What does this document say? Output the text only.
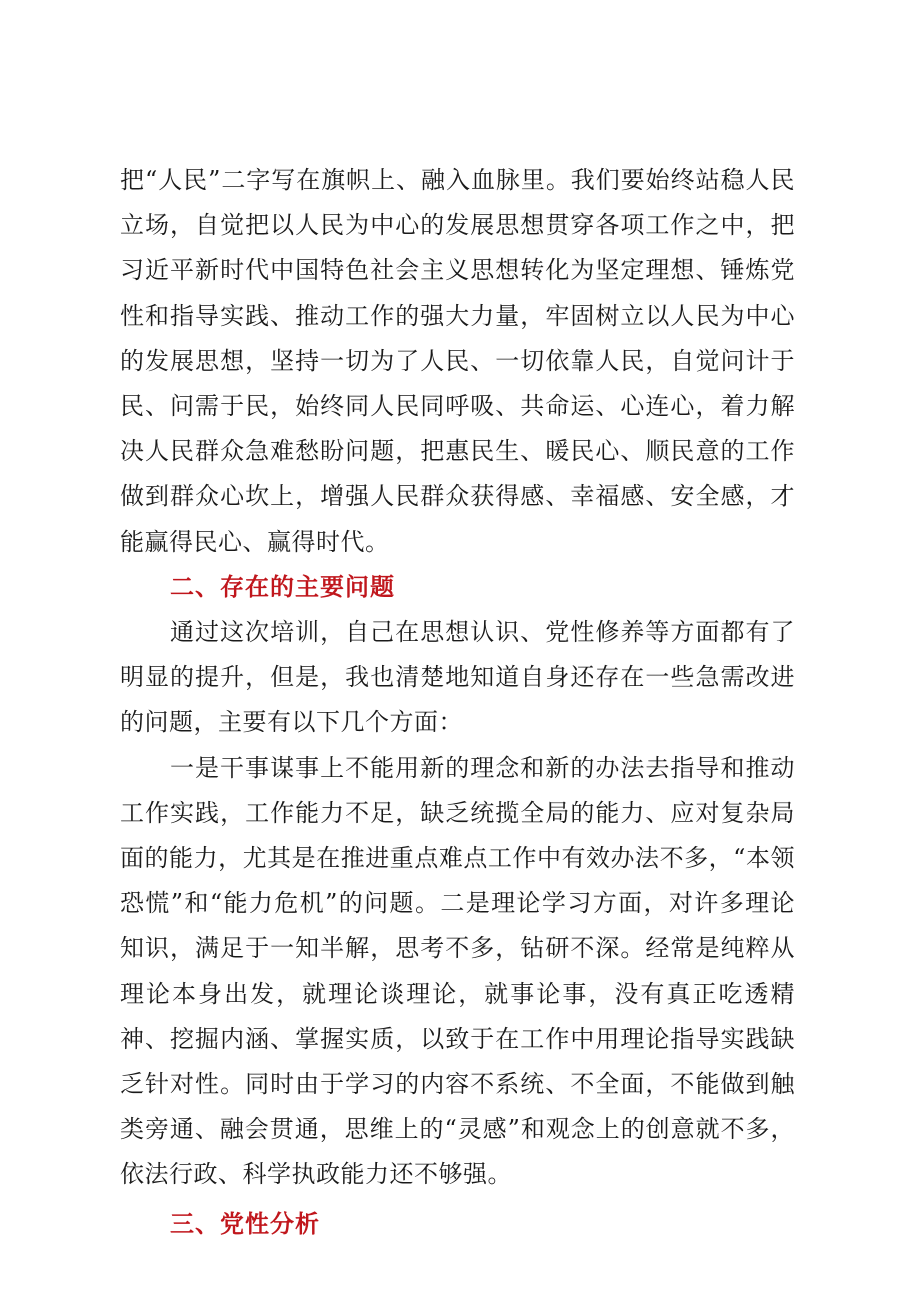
把“人民”二字写在旗帜上、融入血脉里。我们要始终站稳人民立场，自觉把以人民为中心的发展思想贯穿各项工作之中，把习近平新时代中国特色社会主义思想转化为坚定理想、锤炼党性和指导实践、推动工作的强大力量，牢固树立以人民为中心的发展思想，坚持一切为了人民、一切依靠人民，自觉问计于民、问需于民，始终同人民同呼吸、共命运、心连心，着力解决人民群众急难愁盼问题，把惠民生、暖民心、顺民意的工作做到群众心坎上，增强人民群众获得感、幸福感、安全感，才能赢得民心、赢得时代。

二、存在的主要问题

通过这次培训，自己在思想认识、党性修养等方面都有了明显的提升，但是，我也清楚地知道自身还存在一些急需改进的问题，主要有以下几个方面：

一是干事谋事上不能用新的理念和新的办法去指导和推动工作实践，工作能力不足，缺乏统揽全局的能力、应对复杂局面的能力，尤其是在推进重点难点工作中有效办法不多，“本领恐慌”和“能力危机”的问题。二是理论学习方面，对许多理论知识，满足于一知半解，思考不多，钻研不深。经常是纯粹从理论本身出发，就理论谈理论，就事论事，没有真正吃透精神、挖掘内涵、掌握实质，以致于在工作中用理论指导实践缺乏针对性。同时由于学习的内容不系统、不全面，不能做到触类旁通、融会贯通，思维上的“灵感”和观念上的创意就不多，依法行政、科学执政能力还不够强。

三、党性分析
